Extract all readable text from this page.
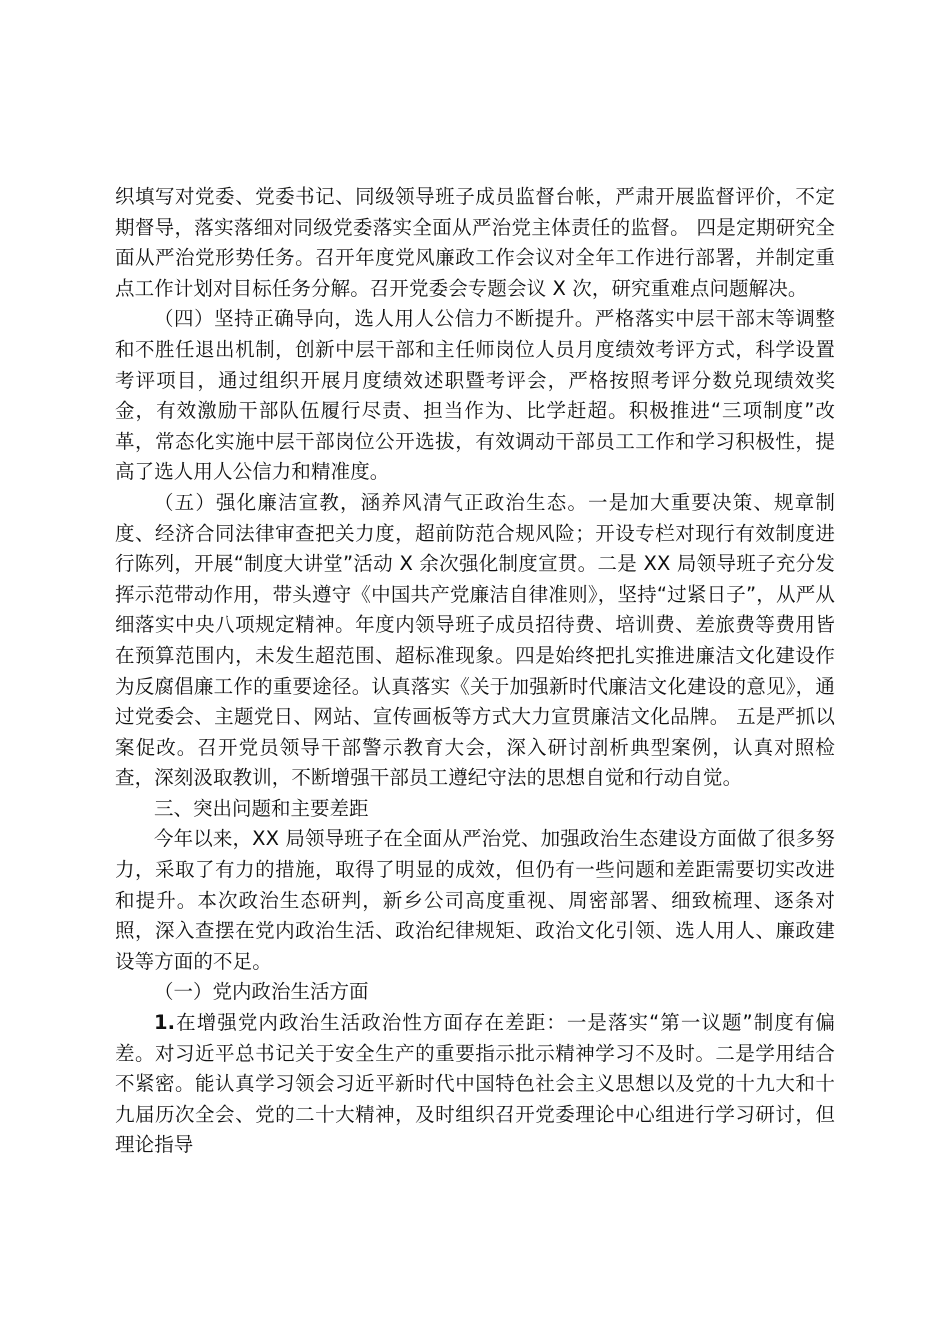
织填写对党委、党委书记、同级领导班子成员监督台帐，严肃开展监督评价，不定期督导，落实落细对同级党委落实全面从严治党主体责任的监督。 四是定期研究全面从严治党形势任务。召开年度党风廉政工作会议对全年工作进行部署，并制定重点工作计划对目标任务分解。召开党委会专题会议 X 次，研究重难点问题解决。

（四）坚持正确导向，选人用人公信力不断提升。严格落实中层干部末等调整和不胜任退出机制，创新中层干部和主任师岗位人员月度绩效考评方式，科学设置考评项目，通过组织开展月度绩效述职暨考评会，严格按照考评分数兑现绩效奖金，有效激励干部队伍履行尽责、担当作为、比学赶超。积极推进“三项制度”改革，常态化实施中层干部岗位公开选拔，有效调动干部员工工作和学习积极性，提高了选人用人公信力和精准度。

（五）强化廉洁宣教，涵养风清气正政治生态。一是加大重要决策、规章制度、经济合同法律审查把关力度，超前防范合规风险；开设专栏对现行有效制度进行陈列，开展“制度大讲堂”活动 X 余次强化制度宣贯。二是 XX 局领导班子充分发挥示范带动作用，带头遵守《中国共产党廉洁自律准则》，坚持“过紧日子”，从严从细落实中央八项规定精神。年度内领导班子成员招待费、培训费、差旅费等费用皆在预算范围内，未发生超范围、超标准现象。四是始终把扎实推进廉洁文化建设作为反腐倡廉工作的重要途径。认真落实《关于加强新时代廉洁文化建设的意见》，通过党委会、主题党日、网站、宣传画板等方式大力宣贯廉洁文化品牌。 五是严抓以案促改。召开党员领导干部警示教育大会，深入研讨剖析典型案例，认真对照检查，深刻汲取教训，不断增强干部员工遵纪守法的思想自觉和行动自觉。

三、突出问题和主要差距

今年以来，XX 局领导班子在全面从严治党、加强政治生态建设方面做了很多努力，采取了有力的措施，取得了明显的成效，但仍有一些问题和差距需要切实改进和提升。本次政治生态研判，新乡公司高度重视、周密部署、细致梳理、逐条对照，深入查摆在党内政治生活、政治纪律规矩、政治文化引领、选人用人、廉政建设等方面的不足。

（一）党内政治生活方面

1.在增强党内政治生活政治性方面存在差距：一是落实“第一议题”制度有偏差。对习近平总书记关于安全生产的重要指示批示精神学习不及时。二是学用结合不紧密。能认真学习领会习近平新时代中国特色社会主义思想以及党的十九大和十九届历次全会、党的二十大精神，及时组织召开党委理论中心组进行学习研讨，但理论指导
